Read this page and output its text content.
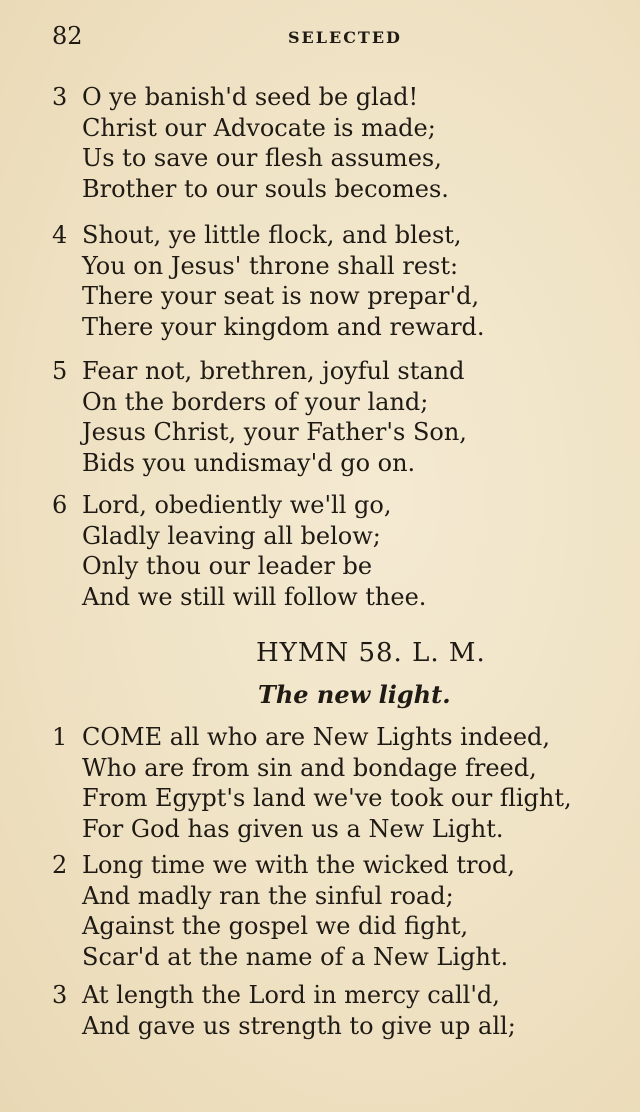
82	SELECTED
3 O ye banish'd seed be glad!
Christ our Advocate is made;
Us to save our flesh assumes,
Brother to our souls becomes.
4 Shout, ye little flock, and blest,
You on Jesus' throne shall rest:
There your seat is now prepar'd,
There your kingdom and reward.
5 Fear not, brethren, joyful stand
On the borders of your land;
Jesus Christ, your Father's Son,
Bids you undismay'd go on.
6 Lord, obediently we'll go,
Gladly leaving all below;
Only thou our leader be
And we still will follow thee.
HYMN 58. L. M.
The new light.
1 COME all who are New Lights indeed,
Who are from sin and bondage freed,
From Egypt's land we've took our flight,
For God has given us a New Light.
2 Long time we with the wicked trod,
And madly ran the sinful road;
Against the gospel we did fight,
Scar'd at the name of a New Light.
3 At length the Lord in mercy call'd,
And gave us strength to give up all;
